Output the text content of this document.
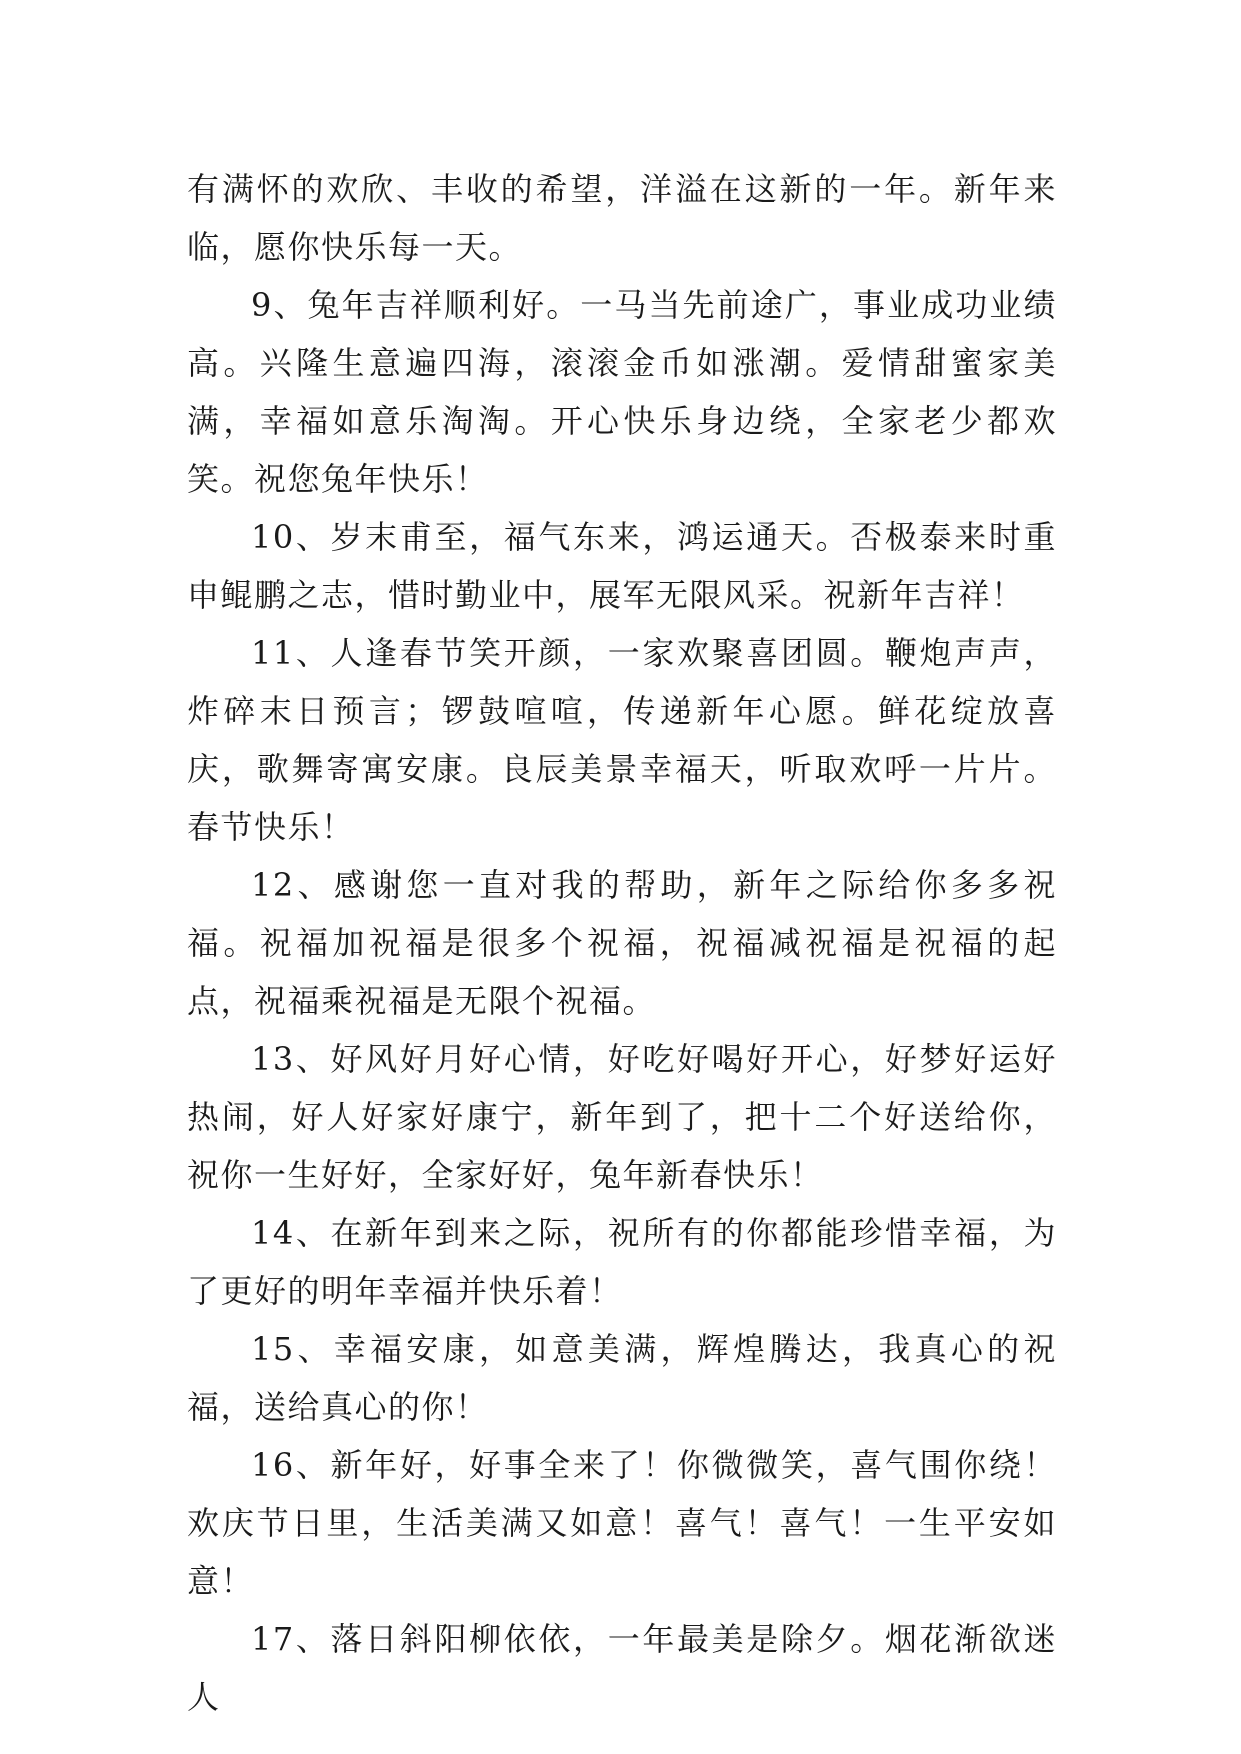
有满怀的欢欣、丰收的希望，洋溢在这新的一年。新年来临，愿你快乐每一天。

9、兔年吉祥顺利好。一马当先前途广，事业成功业绩高。兴隆生意遍四海，滚滚金币如涨潮。爱情甜蜜家美满，幸福如意乐淘淘。开心快乐身边绕，全家老少都欢笑。祝您兔年快乐！

10、岁末甫至，福气东来，鸿运通天。否极泰来时重申鲲鹏之志，惜时勤业中，展军无限风采。祝新年吉祥！

11、人逢春节笑开颜，一家欢聚喜团圆。鞭炮声声，炸碎末日预言；锣鼓喧喧，传递新年心愿。鲜花绽放喜庆，歌舞寄寓安康。良辰美景幸福天，听取欢呼一片片。春节快乐！

12、感谢您一直对我的帮助，新年之际给你多多祝福。祝福加祝福是很多个祝福，祝福减祝福是祝福的起点，祝福乘祝福是无限个祝福。

13、好风好月好心情，好吃好喝好开心，好梦好运好热闹，好人好家好康宁，新年到了，把十二个好送给你，祝你一生好好，全家好好，兔年新春快乐！

14、在新年到来之际，祝所有的你都能珍惜幸福，为了更好的明年幸福并快乐着！

15、幸福安康，如意美满，辉煌腾达，我真心的祝福，送给真心的你！

16、新年好，好事全来了！你微微笑，喜气围你绕！欢庆节日里，生活美满又如意！喜气！喜气！一生平安如意！

17、落日斜阳柳依依，一年最美是除夕。烟花渐欲迷人
